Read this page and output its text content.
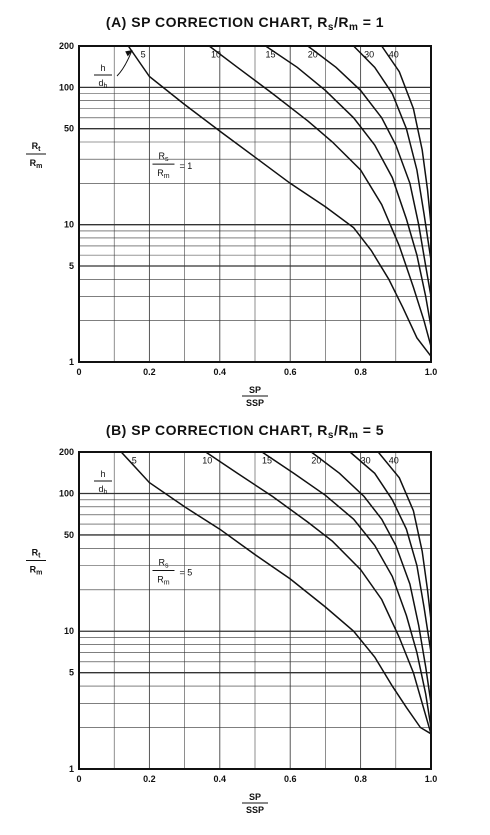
(A) SP CORRECTION CHART, $R_s/R_m = 1$
5	10	15	20	30 40
0	0.2	0.4	0.6	0.8	1.0
1
5
10
50
100
200
SP
SSP
$R_t$
$R_m$
h
$d_h$
$R_s$
$R_m$
= 1
(B) SP CORRECTION CHART, $R_s/R_m = 5$
5	10	15	20	30 40
0	0.2	0.4	0.6	0.8	1.0
1
5
10
50
100
200
SP
SSP
$R_t$
$R_m$
h
$d_h$
$R_s$
$R_m$
= 5
